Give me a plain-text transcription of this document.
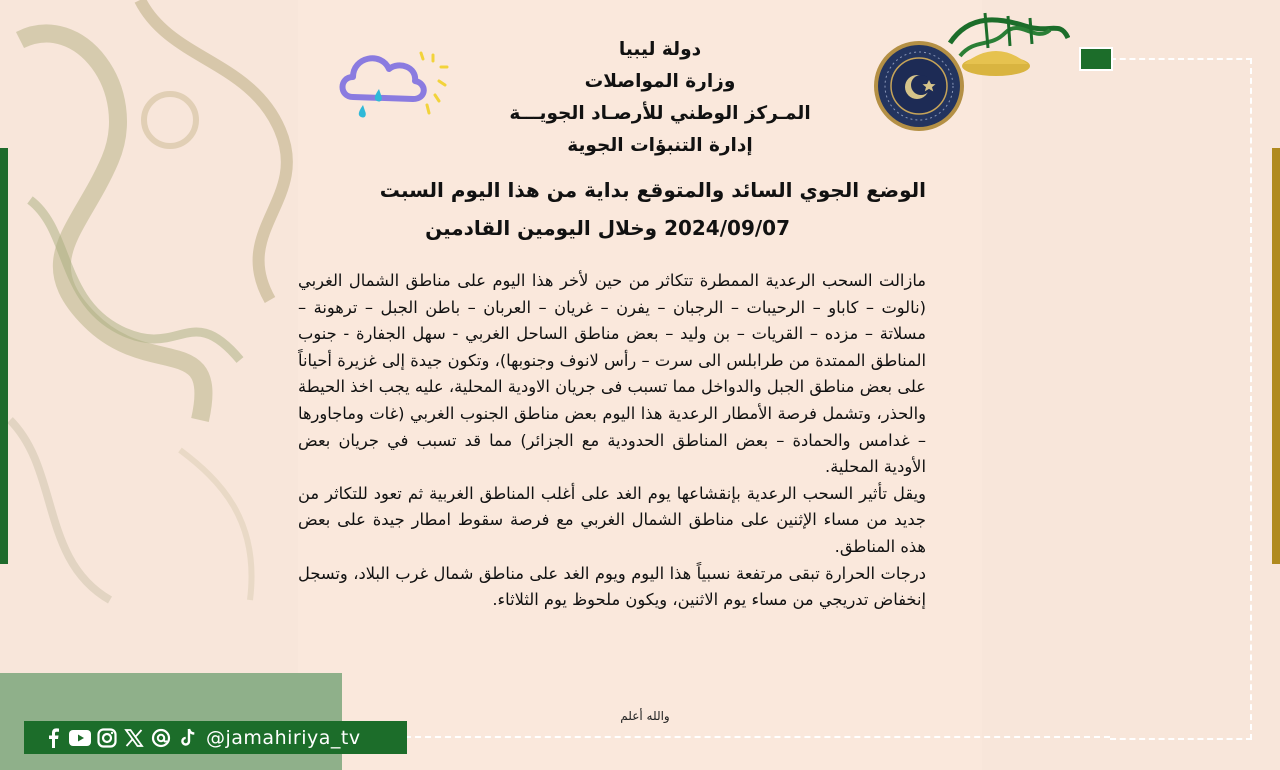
@jamahiriya_tv
دولة ليبيا
وزارة المواصلات
المـركز الوطني للأرصـاد الجويـــة
إدارة التنبؤات الجوية
الوضع الجوي السائد والمتوقع بداية من هذا اليوم السبت
2024/09/07 وخلال اليومين القادمين

مازالت السحب الرعدية الممطرة تتكاثر من حين لأخر هذا اليوم على مناطق الشمال الغربي (نالوت – كاباو – الرحيبات – الرجبان – يفرن – غريان – العربان – باطن الجبل – ترهونة – مسلاتة – مزده – القريات – بن وليد – بعض مناطق الساحل الغربي - سهل الجفارة - جنوب المناطق الممتدة من طرابلس الى سرت – رأس لانوف وجنوبها)، وتكون جيدة إلى غزيرة أحياناً على بعض مناطق الجبل والدواخل مما تسبب فى جريان الاودية المحلية، عليه يجب اخذ الحيطة والحذر، وتشمل فرصة الأمطار الرعدية هذا اليوم بعض مناطق الجنوب الغربي (غات وماجاورها – غدامس والحمادة – بعض المناطق الحدودية مع الجزائر) مما قد تسبب في جريان بعض الأودية المحلية.

ويقل تأثير السحب الرعدية بإنقشاعها يوم الغد على أغلب المناطق الغربية ثم تعود للتكاثر من جديد من مساء الإثنين على مناطق الشمال الغربي مع فرصة سقوط امطار جيدة على بعض هذه المناطق.

درجات الحرارة تبقى مرتفعة نسبياً هذا اليوم ويوم الغد على مناطق شمال غرب البلاد، وتسجل إنخفاض تدريجي من مساء يوم الاثنين، ويكون ملحوظ يوم الثلاثاء.

والله أعلم
